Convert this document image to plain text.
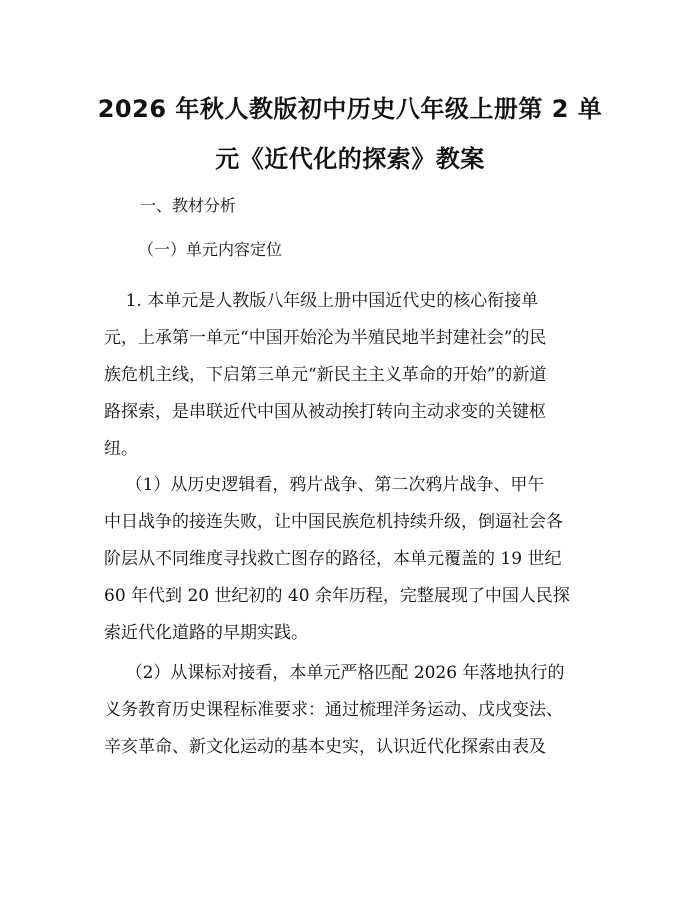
2026 年秋人教版初中历史八年级上册第 2 单
元《近代化的探索》教案

一、教材分析

（一）单元内容定位

1. 本单元是人教版八年级上册中国近代史的核心衔接单
元，上承第一单元“中国开始沦为半殖民地半封建社会”的民
族危机主线，下启第三单元“新民主主义革命的开始”的新道
路探索，是串联近代中国从被动挨打转向主动求变的关键枢
纽。
（1）从历史逻辑看，鸦片战争、第二次鸦片战争、甲午
中日战争的接连失败，让中国民族危机持续升级，倒逼社会各
阶层从不同维度寻找救亡图存的路径，本单元覆盖的 19 世纪
60 年代到 20 世纪初的 40 余年历程，完整展现了中国人民探
索近代化道路的早期实践。
（2）从课标对接看，本单元严格匹配 2026 年落地执行的
义务教育历史课程标准要求：通过梳理洋务运动、戊戌变法、
辛亥革命、新文化运动的基本史实，认识近代化探索由表及
